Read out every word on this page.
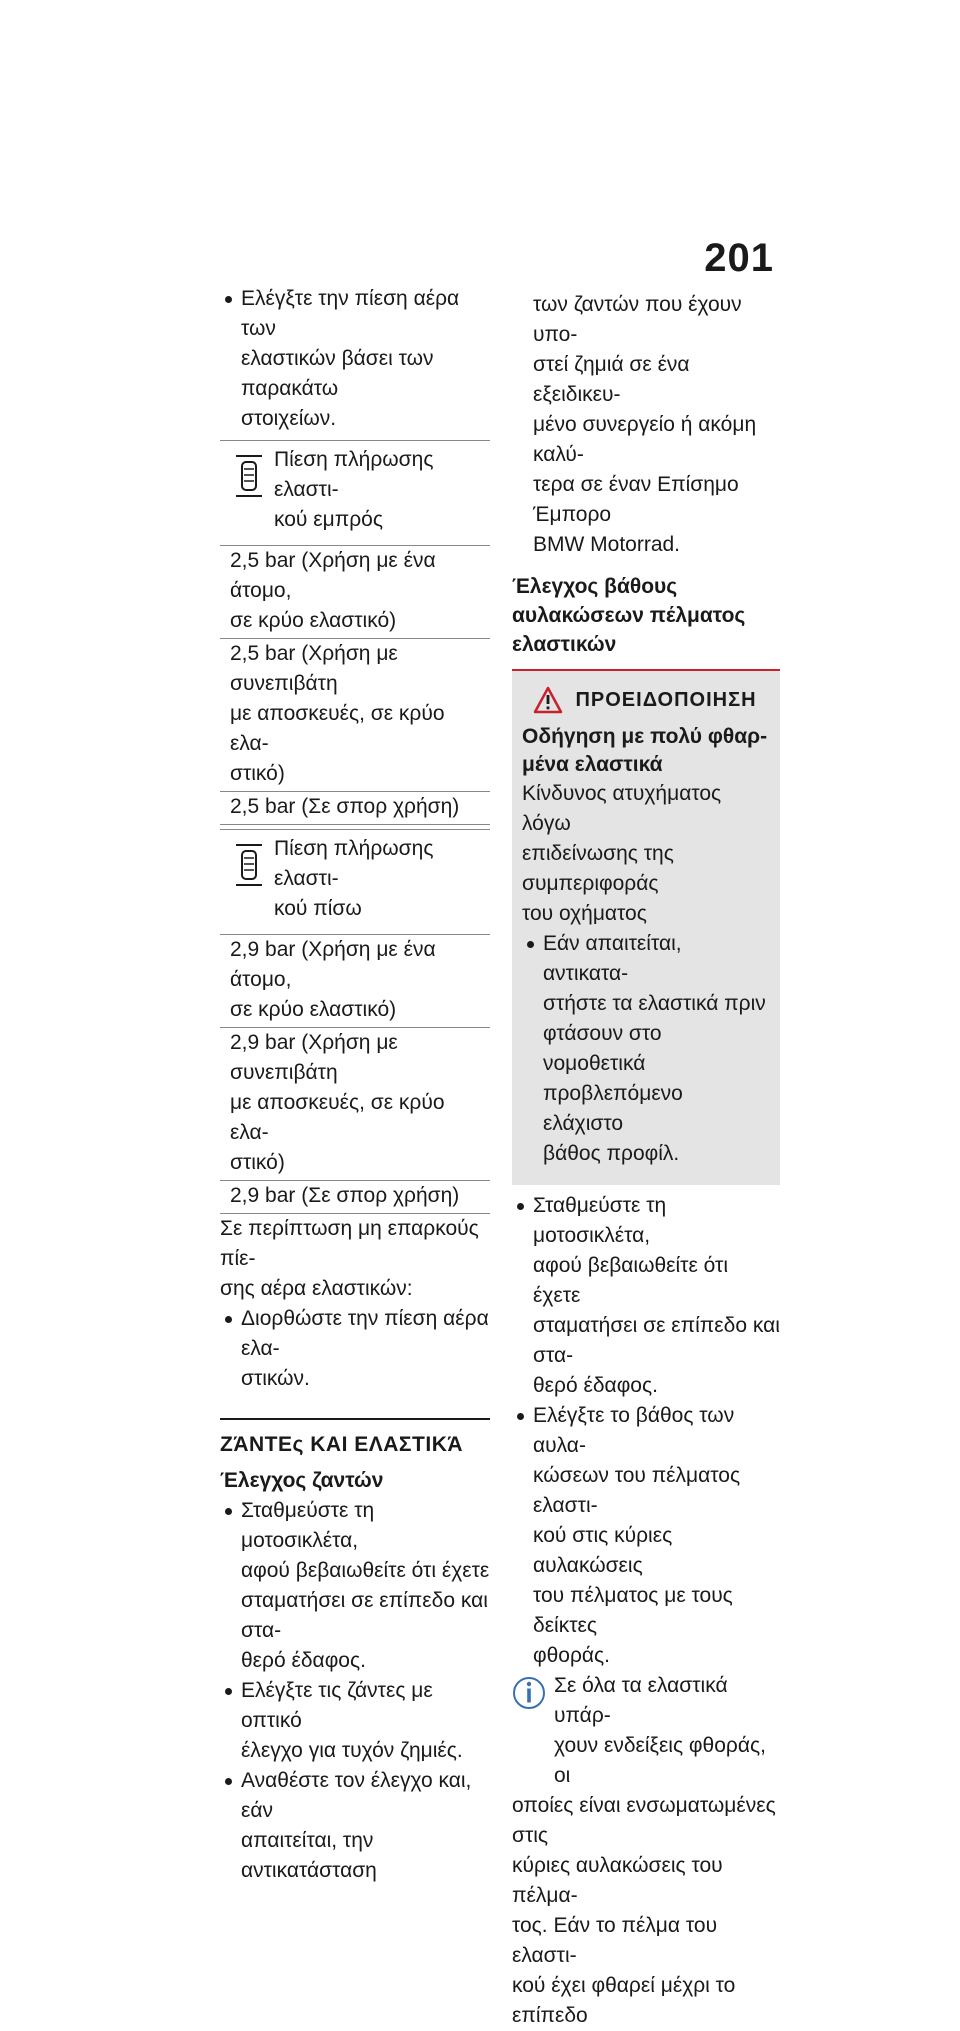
201
Ελέγξτε την πίεση αέρα των
ελαστικών βάσει των παρακάτω
στοιχείων.
Πίεση πλήρωσης ελαστι-
κού εμπρός
2,5 bar (Χρήση με ένα άτομο,
σε κρύο ελαστικό)
2,5 bar (Χρήση με συνεπιβάτη
με αποσκευές, σε κρύο ελα-
στικό)
2,5 bar (Σε σπορ χρήση)
Πίεση πλήρωσης ελαστι-
κού πίσω
2,9 bar (Χρήση με ένα άτομο,
σε κρύο ελαστικό)
2,9 bar (Χρήση με συνεπιβάτη
με αποσκευές, σε κρύο ελα-
στικό)
2,9 bar (Σε σπορ χρήση)
Σε περίπτωση μη επαρκούς πίε-
σης αέρα ελαστικών:
Διορθώστε την πίεση αέρα ελα-
στικών.
ΖΆΝΤΕς ΚΑΙ ΕΛΑΣΤΙΚΆ
Έλεγχος ζαντών
Σταθμεύστε τη μοτοσικλέτα,
αφού βεβαιωθείτε ότι έχετε
σταματήσει σε επίπεδο και στα-
θερό έδαφος.
Ελέγξτε τις ζάντες με οπτικό
έλεγχο για τυχόν ζημιές.
Αναθέστε τον έλεγχο και, εάν
απαιτείται, την αντικατάσταση
των ζαντών που έχουν υπο-
στεί ζημιά σε ένα εξειδικευ-
μένο συνεργείο ή ακόμη καλύ-
τερα σε έναν Επίσημο Έμπορο
BMW Motorrad.
Έλεγχος βάθους
αυλακώσεων πέλματος
ελαστικών
ΠΡΟΕΙΔΟΠΟΙΗΣΗ
Οδήγηση με πολύ φθαρ-
μένα ελαστικά
Κίνδυνος ατυχήματος λόγω
επιδείνωσης της συμπεριφοράς
του οχήματος
Εάν απαιτείται, αντικατα-
στήστε τα ελαστικά πριν
φτάσουν στο νομοθετικά
προβλεπόμενο ελάχιστο
βάθος προφίλ.
Σταθμεύστε τη μοτοσικλέτα,
αφού βεβαιωθείτε ότι έχετε
σταματήσει σε επίπεδο και στα-
θερό έδαφος.
Ελέγξτε το βάθος των αυλα-
κώσεων του πέλματος ελαστι-
κού στις κύριες αυλακώσεις
του πέλματος με τους δείκτες
φθοράς.
Σε όλα τα ελαστικά υπάρ-
χουν ενδείξεις φθοράς, οι
οποίες είναι ενσωματωμένες στις
κύριες αυλακώσεις του πέλμα-
τος. Εάν το πέλμα του ελαστι-
κού έχει φθαρεί μέχρι το επίπεδο
